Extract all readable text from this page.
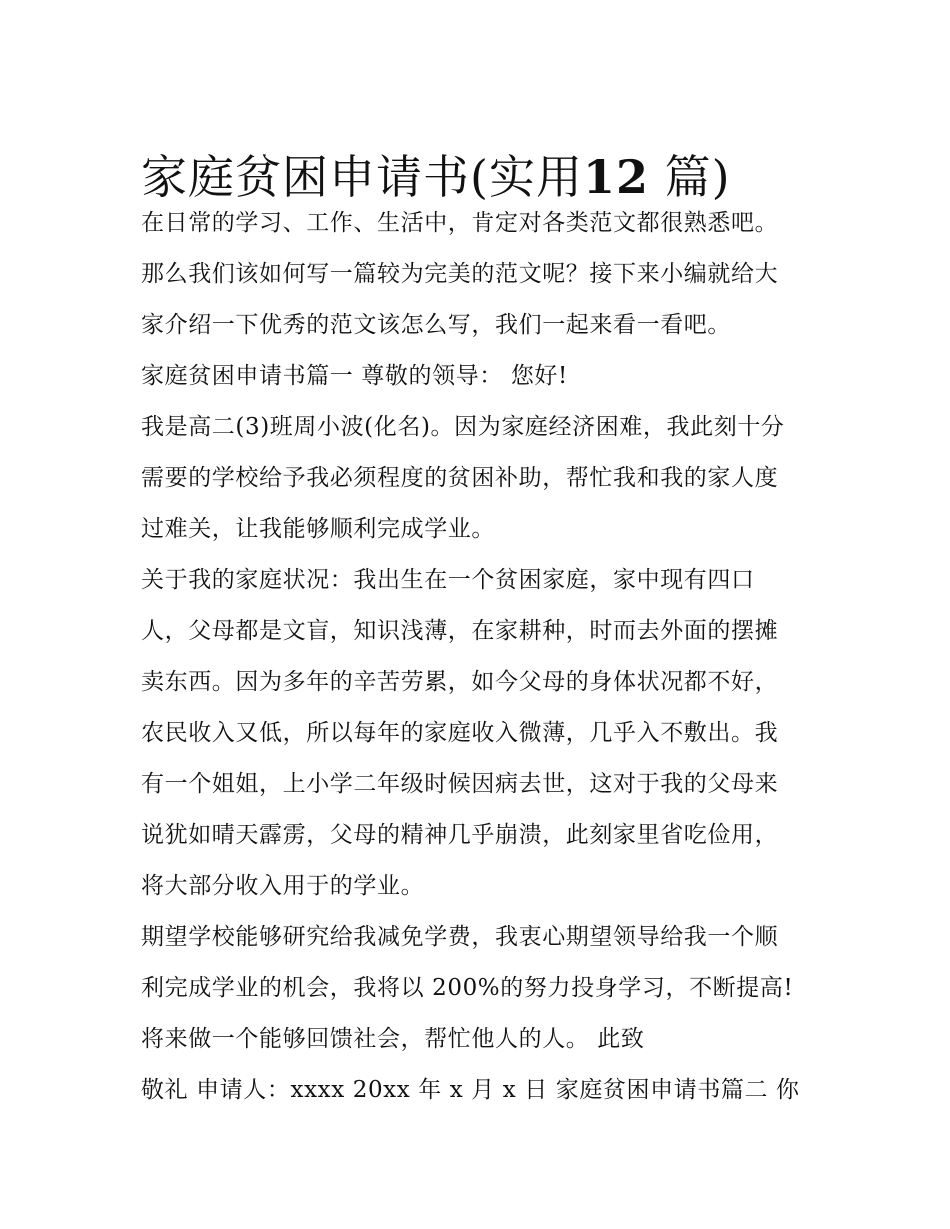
家庭贫困申请书(实用12 篇)
在日常的学习、工作、生活中，肯定对各类范文都很熟悉吧。
那么我们该如何写一篇较为完美的范文呢？接下来小编就给大
家介绍一下优秀的范文该怎么写，我们一起来看一看吧。
家庭贫困申请书篇一 尊敬的领导： 您好!
我是高二(3)班周小波(化名)。因为家庭经济困难，我此刻十分
需要的学校给予我必须程度的贫困补助，帮忙我和我的家人度
过难关，让我能够顺利完成学业。
关于我的家庭状况：我出生在一个贫困家庭，家中现有四口
人，父母都是文盲，知识浅薄，在家耕种，时而去外面的摆摊
卖东西。因为多年的辛苦劳累，如今父母的身体状况都不好，
农民收入又低，所以每年的家庭收入微薄，几乎入不敷出。我
有一个姐姐，上小学二年级时候因病去世，这对于我的父母来
说犹如晴天霹雳，父母的精神几乎崩溃，此刻家里省吃俭用，
将大部分收入用于的学业。
期望学校能够研究给我减免学费，我衷心期望领导给我一个顺
利完成学业的机会，我将以 200%的努力投身学习，不断提高!
将来做一个能够回馈社会，帮忙他人的人。 此致
敬礼 申请人：xxxx 20xx 年 x 月 x 日 家庭贫困申请书篇二 你
